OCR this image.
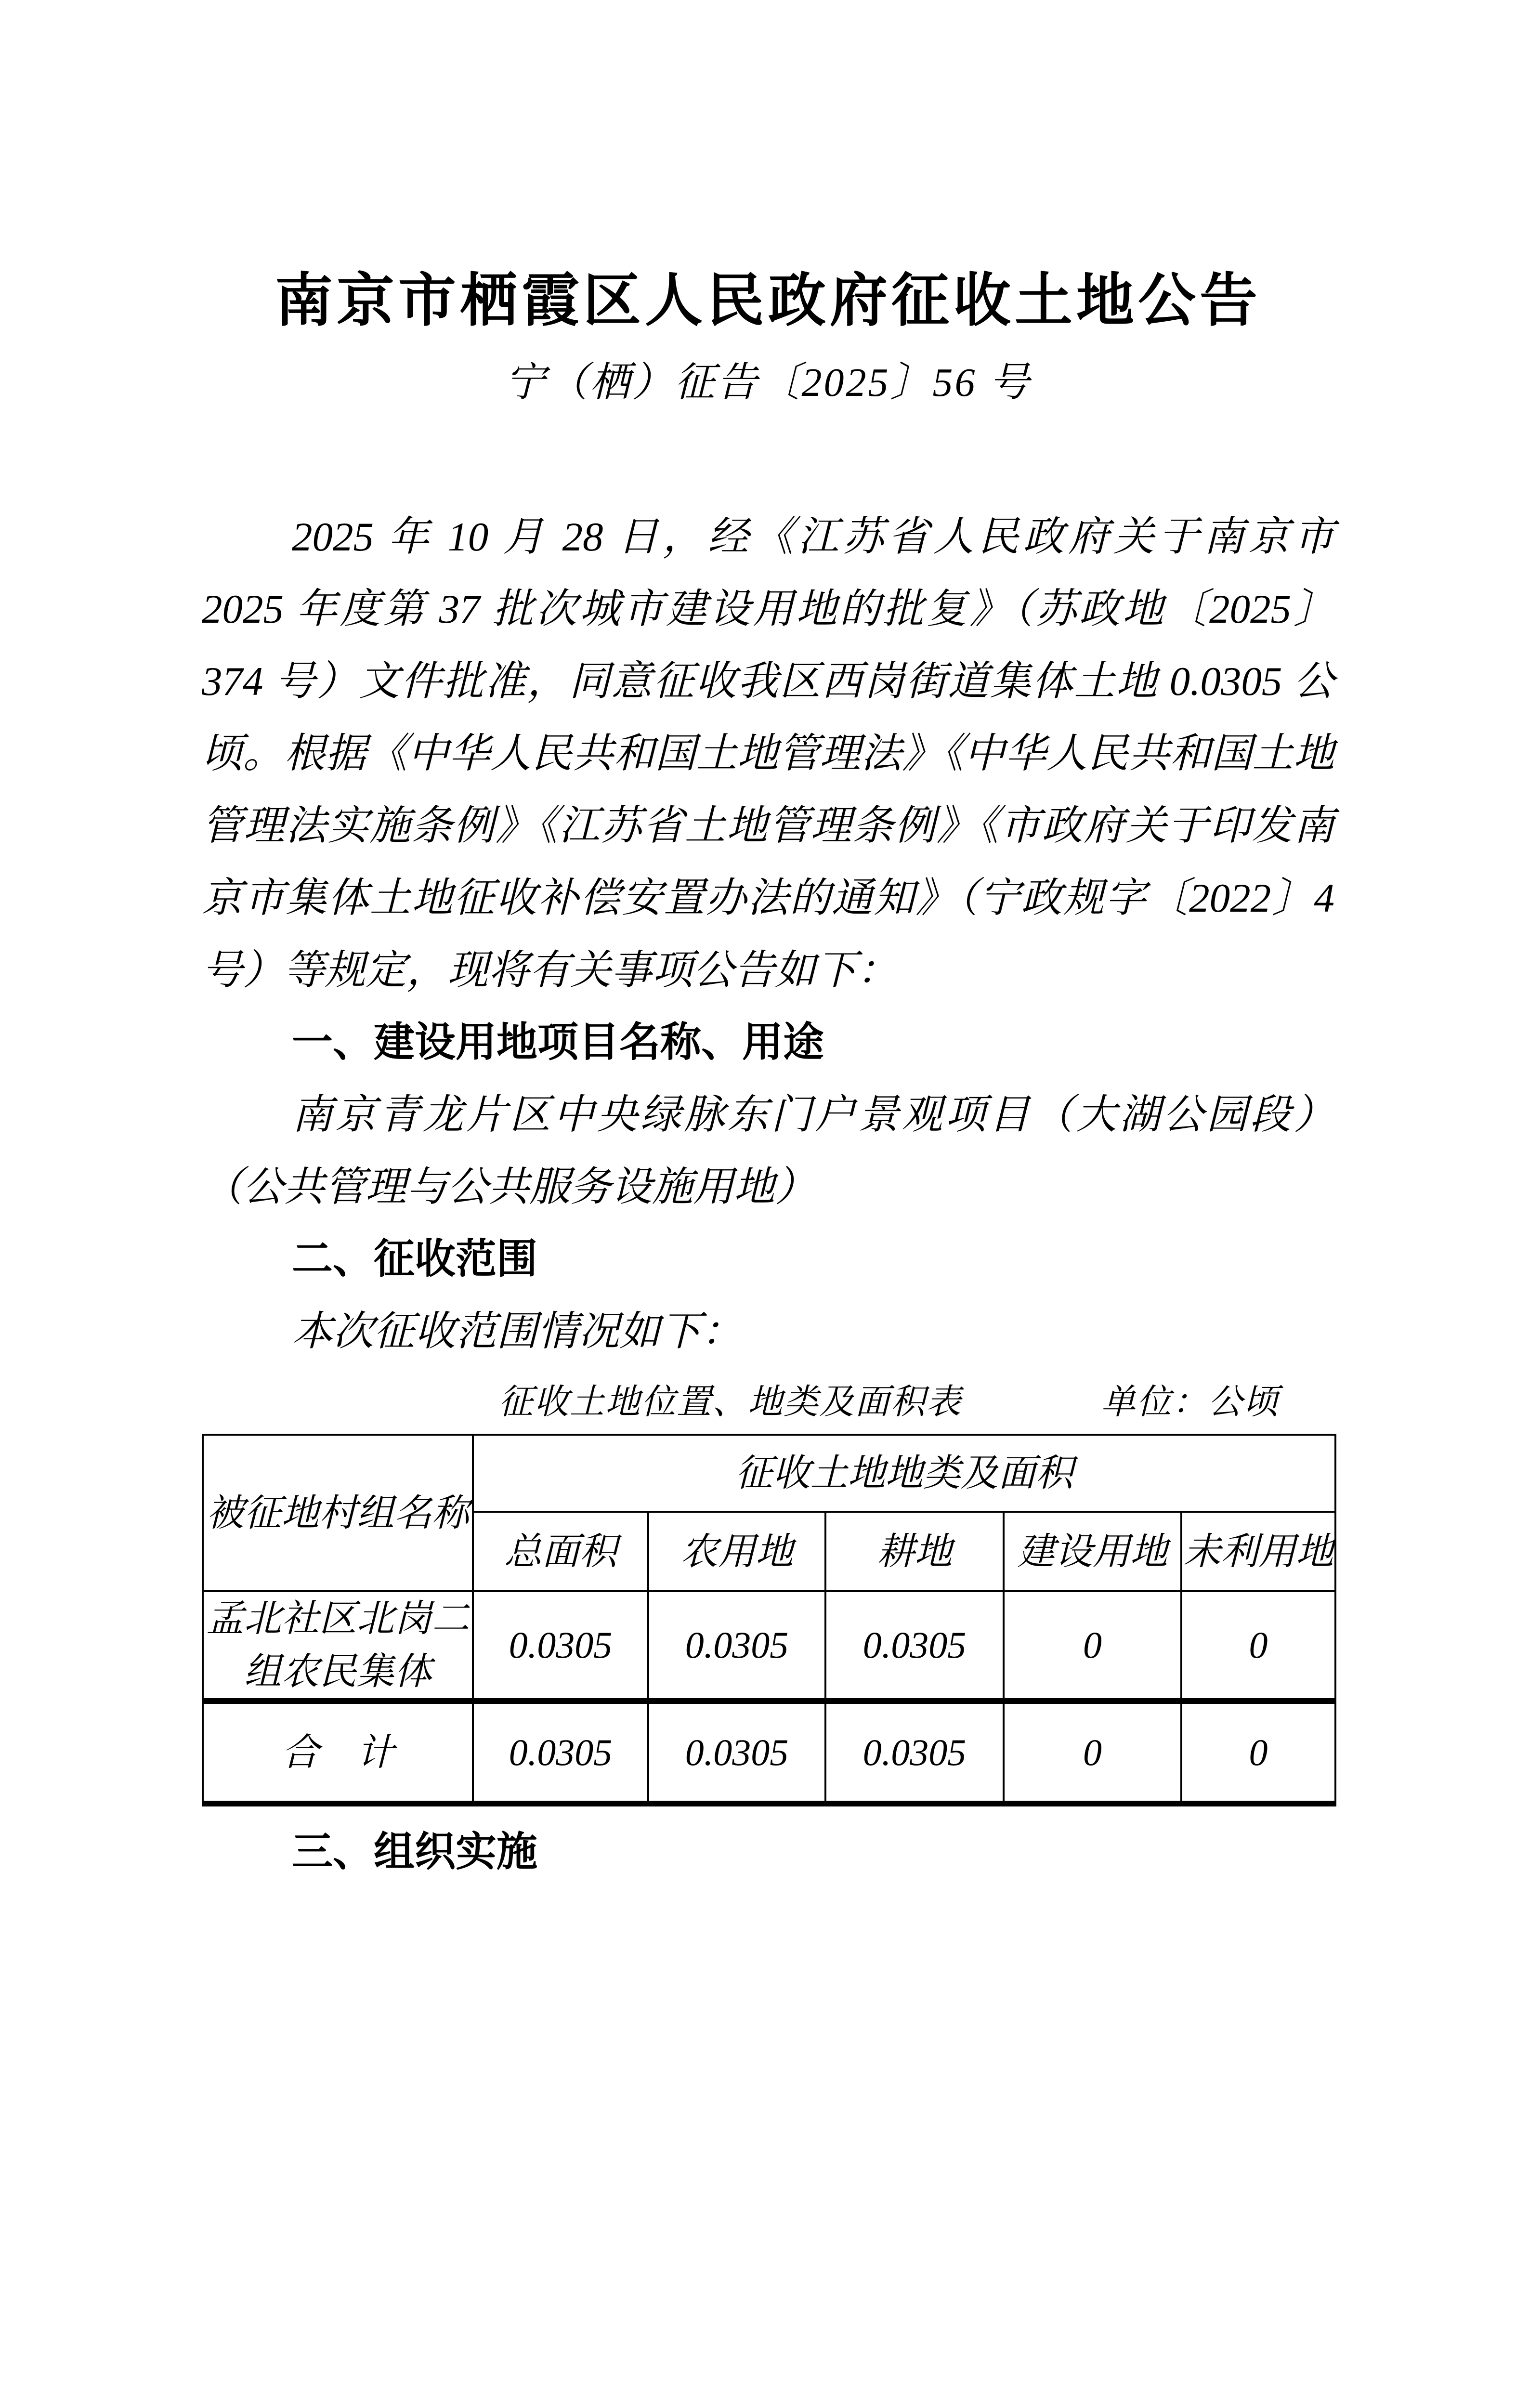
南京市栖霞区人民政府征收土地公告
宁（栖）征告〔2025〕56 号

2025 年 10 月 28 日，经《江苏省人民政府关于南京市 2025 年度第 37 批次城市建设用地的批复》（苏政地〔2025〕374 号）文件批准，同意征收我区西岗街道集体土地 0.0305 公顷。根据《中华人民共和国土地管理法》《中华人民共和国土地管理法实施条例》《江苏省土地管理条例》《市政府关于印发南京市集体土地征收补偿安置办法的通知》（宁政规字〔2022〕4 号）等规定，现将有关事项公告如下：

一、建设用地项目名称、用途

南京青龙片区中央绿脉东门户景观项目（大湖公园段）（公共管理与公共服务设施用地）

二、征收范围

本次征收范围情况如下：

征收土地位置、地类及面积表	单位：公顷
被征地村组名称	征收土地地类及面积				
	总面积	农用地	耕地	建设用地	未利用地
孟北社区北岗二组农民集体	0.0305	0.0305	0.0305	0	0
合　计	0.0305	0.0305	0.0305	0	0

三、组织实施
